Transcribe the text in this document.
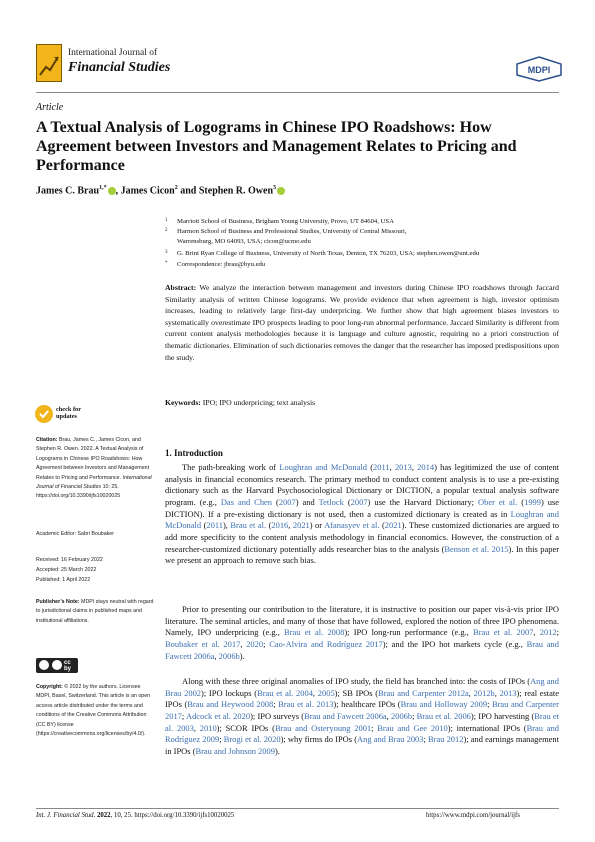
International Journal of
Financial Studies	MDPI
Article
A Textual Analysis of Logograms in Chinese IPO Roadshows: How Agreement between Investors and Management Relates to Pricing and Performance
James C. Brau$^{1,*}$ , James Cicon$^2$ and Stephen R. Owen$^3$
1 Marriott School of Business, Brigham Young University, Provo, UT 84604, USA
2 Harmon School of Business and Professional Studies, University of Central Missouri,
Warrensburg, MO 64093, USA; cicon@ucmo.edu
3 G. Brint Ryan College of Business, University of North Texas, Denton, TX 76203, USA; stephen.owen@unt.edu
* Correspondence: jbrau@byu.edu
Abstract: We analyze the interaction between management and investors during Chinese IPO roadshows through Jaccard Similarity analysis of written Chinese logograms. We provide evidence that when agreement is high, investor optimism increases, leading to relatively large first-day underpricing. We further show that high agreement biases investors to systematically overestimate IPO prospects leading to poor long-run abnormal performance. Jaccard Similarity is different from current content analysis methodologies because it is language and culture agnostic, requiring no a priori construction of thematic dictionaries. Elimination of such dictionaries removes the danger that the researcher has imposed predispositions upon the study.
Keywords: IPO; IPO underpricing; text analysis
check for
updates
Citation: Brau, James C., James Cicon, and Stephen R. Owen. 2022. A Textual Analysis of Logograms in Chinese IPO Roadshows: How Agreement between Investors and Management Relates to Pricing and Performance. International Journal of Financial Studies 10: 25. https://doi.org/10.3390/ijfs10020025
Academic Editor: Sabri Boubaker
Received: 16 February 2022
Accepted: 25 March 2022
Published: 1 April 2022
Publisher’s Note: MDPI stays neutral with regard to jurisdictional claims in published maps and institutional affiliations.
cc by
Copyright: © 2022 by the authors. Licensee MDPI, Basel, Switzerland. This article is an open access article distributed under the terms and conditions of the Creative Commons Attribution (CC BY) license (https://creativecommons.org/licenses/by/4.0/).
1. Introduction

The path-breaking work of Loughran and McDonald (2011, 2013, 2014) has legitimized the use of content analysis in financial economics research. The primary method to conduct content analysis is to use a pre-existing dictionary such as the Harvard Psychosociological Dictionary or DICTION, a popular textual analysis software program. (e.g., Das and Chen (2007) and Tetlock (2007) use the Harvard Dictionary; Ober et al. (1999) use DICTION). If a pre-existing dictionary is not used, then a customized dictionary is created as in Loughran and McDonald (2011), Brau et al. (2016, 2021) or Afanasyev et al. (2021). These customized dictionaries are argued to add more specificity to the content analysis methodology in financial economics. However, the construction of a researcher-customized dictionary potentially adds researcher bias to the analysis (Benson et al. 2015). In this paper we present an approach to remove such bias.

Prior to presenting our contribution to the literature, it is instructive to position our paper vis-à-vis prior IPO literature. The seminal articles, and many of those that have followed, explored the notion of three IPO phenomena. Namely, IPO underpricing (e.g., Brau et al. 2008); IPO long-run performance (e.g., Brau et al. 2007, 2012; Boubaker et al. 2017, 2020; Cao-Alvira and Rodríguez 2017); and the IPO hot markets cycle (e.g., Brau and Fawcett 2006a, 2006b).

Along with these three original anomalies of IPO study, the field has branched into: the costs of IPOs (Ang and Brau 2002); IPO lockups (Brau et al. 2004, 2005); SB IPOs (Brau and Carpenter 2012a, 2012b, 2013); real estate IPOs (Brau and Heywood 2008; Brau et al. 2013); healthcare IPOs (Brau and Holloway 2009; Brau and Carpenter 2017; Adcock et al. 2020); IPO surveys (Brau and Fawcett 2006a, 2006b; Brau et al. 2006); IPO harvesting (Brau et al. 2003, 2010); SCOR IPOs (Brau and Osteryoung 2001; Brau and Gee 2010); international IPOs (Brau and Rodríguez 2009; Brogi et al. 2020); why firms do IPOs (Ang and Brau 2003; Brau 2012); and earnings management in IPOs (Brau and Johnson 2009).

Int. J. Financial Stud. 2022, 10, 25. https://doi.org/10.3390/ijfs10020025	https://www.mdpi.com/journal/ijfs
